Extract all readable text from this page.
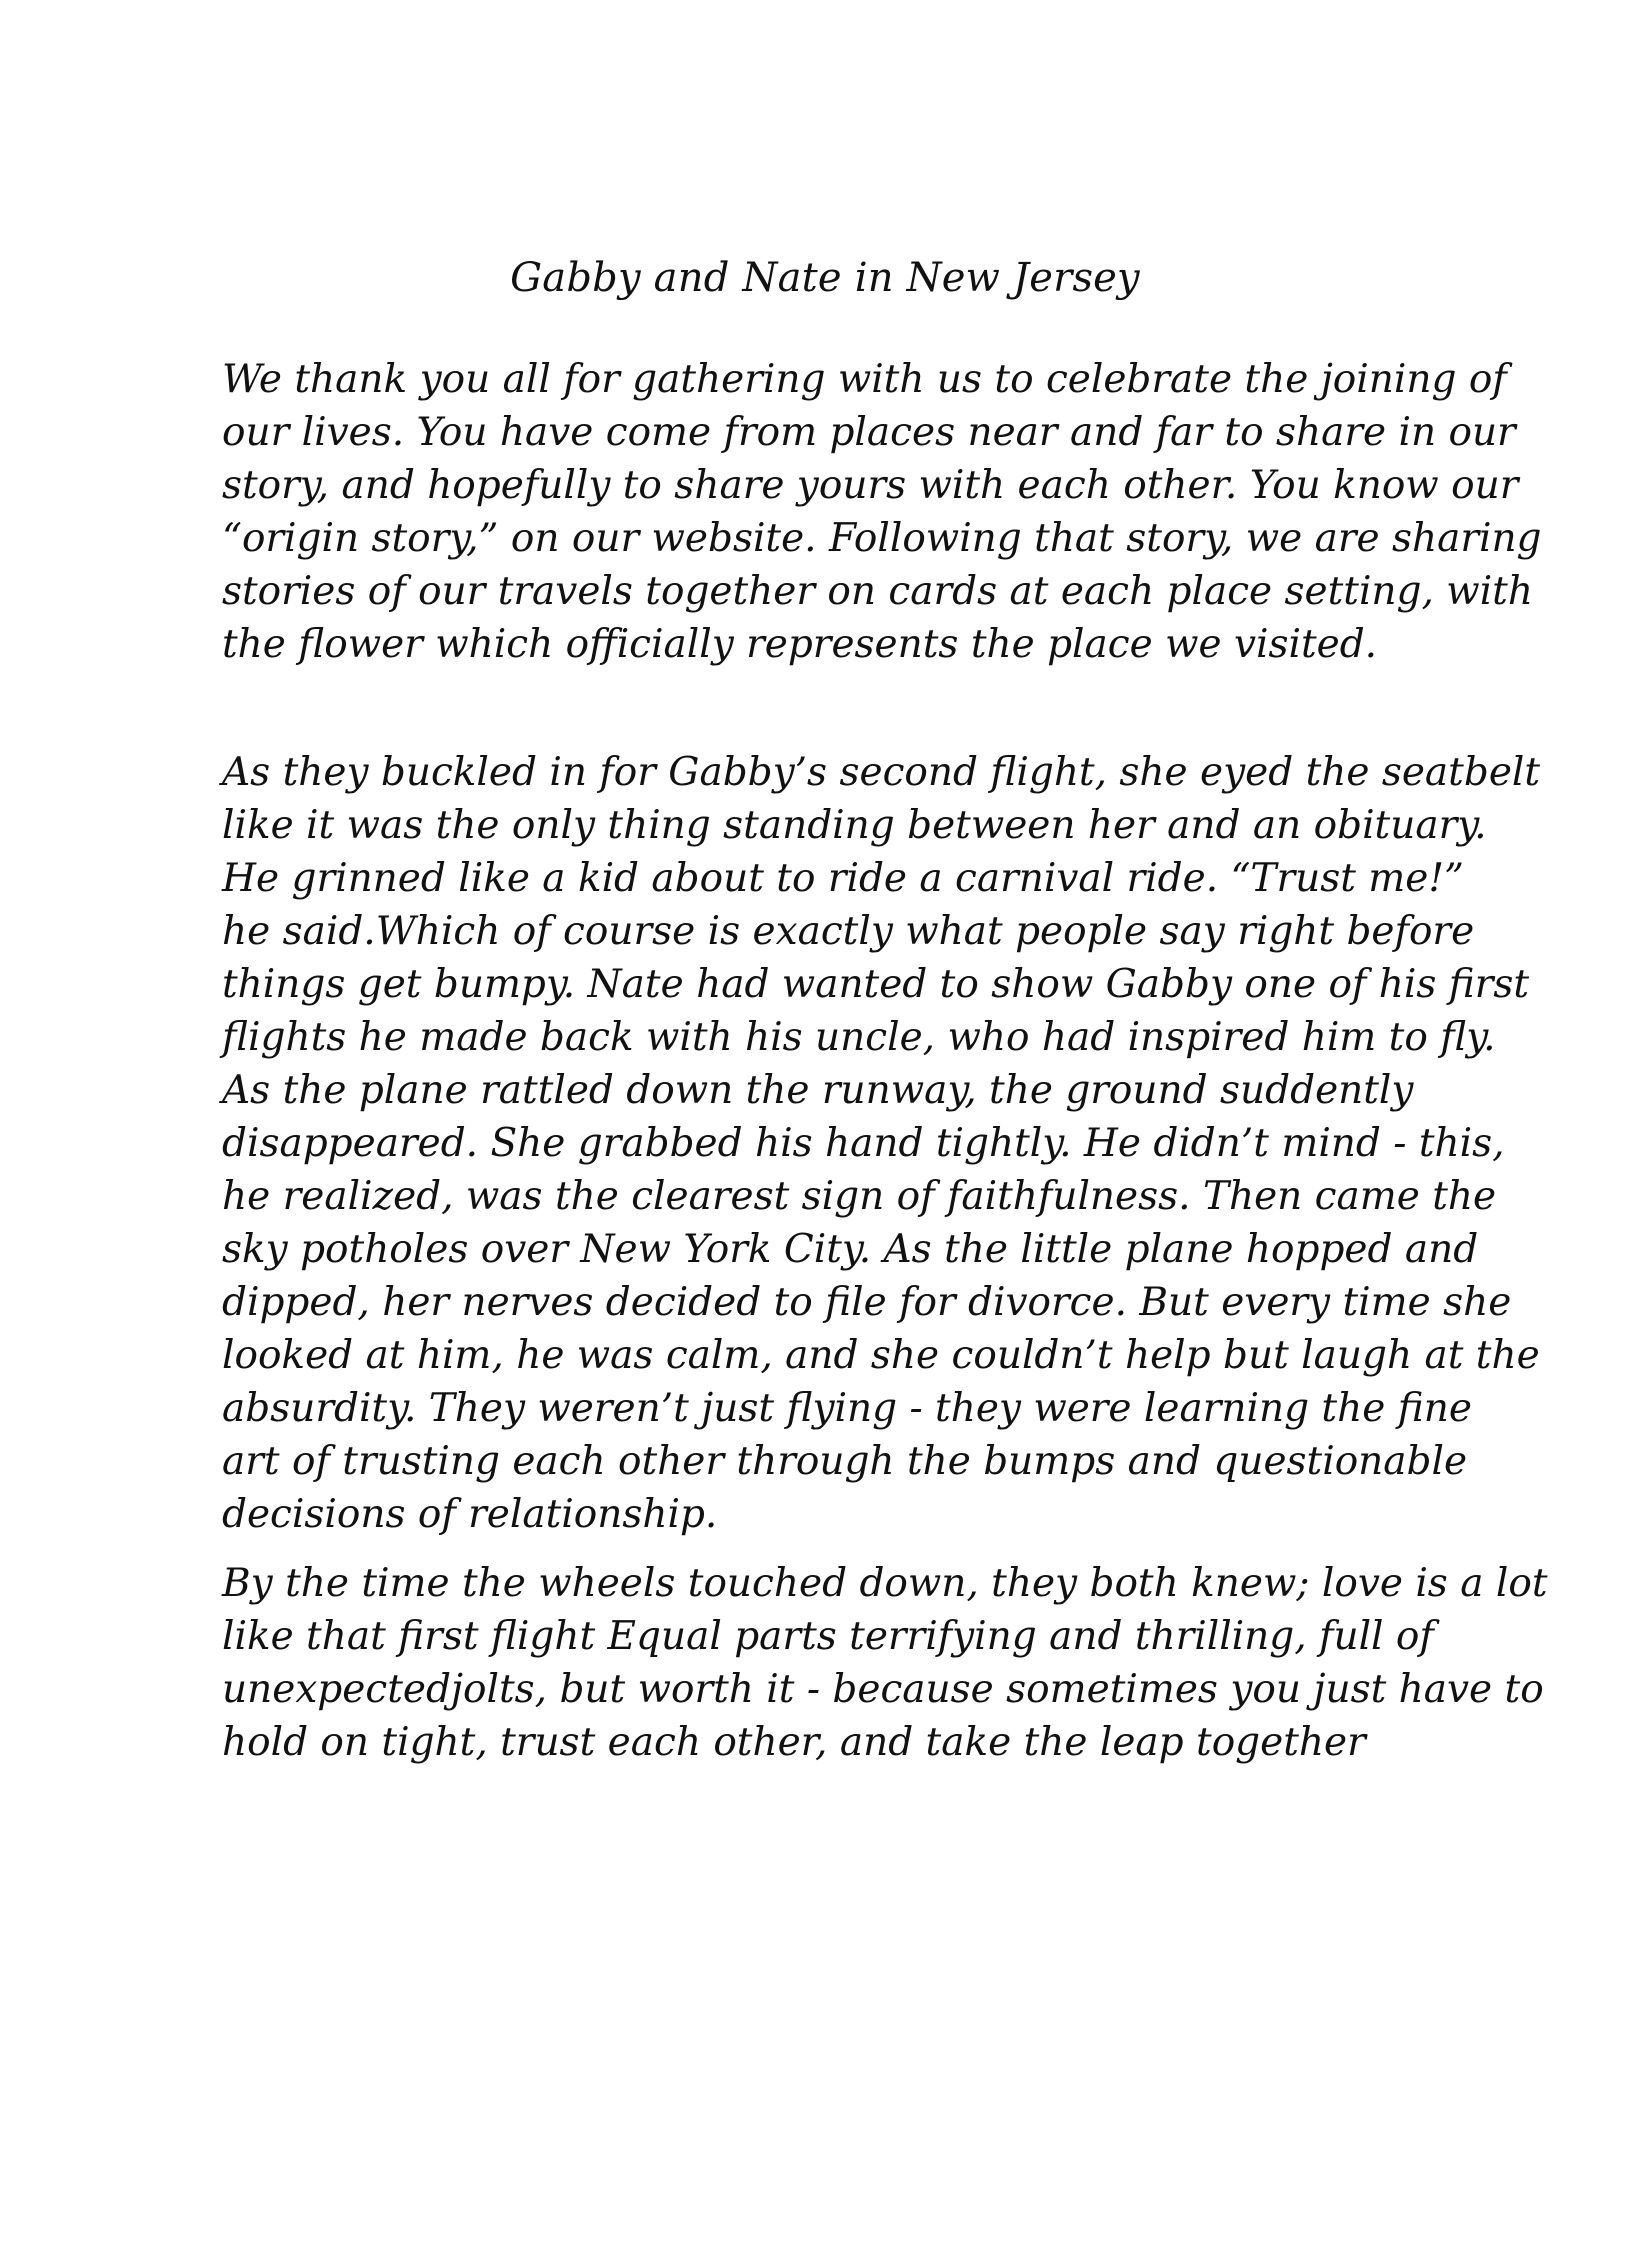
Gabby and Nate in New Jersey
We thank you all for gathering with us to celebrate the joining of
our lives. You have come from places near and far to share in our
story, and hopefully to share yours with each other. You know our
“origin story,” on our website. Following that story, we are sharing
stories of our travels together on cards at each place setting, with
the flower which officially represents the place we visited.
As they buckled in for Gabby’s second flight, she eyed the seatbelt
like it was the only thing standing between her and an obituary.
He grinned like a kid about to ride a carnival ride. “Trust me!”
he said.Which of course is exactly what people say right before
things get bumpy. Nate had wanted to show Gabby one of his first
flights he made back with his uncle, who had inspired him to fly.
As the plane rattled down the runway, the ground suddently
disappeared. She grabbed his hand tightly. He didn’t mind - this,
he realized, was the clearest sign of faithfulness. Then came the
sky potholes over New York City. As the little plane hopped and
dipped, her nerves decided to file for divorce. But every time she
looked at him, he was calm, and she couldn’t help but laugh at the
absurdity. They weren’t just flying - they were learning the fine
art of trusting each other through the bumps and questionable
decisions of relationship.
By the time the wheels touched down, they both knew; love is a lot
like that first flight Equal parts terrifying and thrilling, full of
unexpectedjolts, but worth it - because sometimes you just have to
hold on tight, trust each other, and take the leap together
